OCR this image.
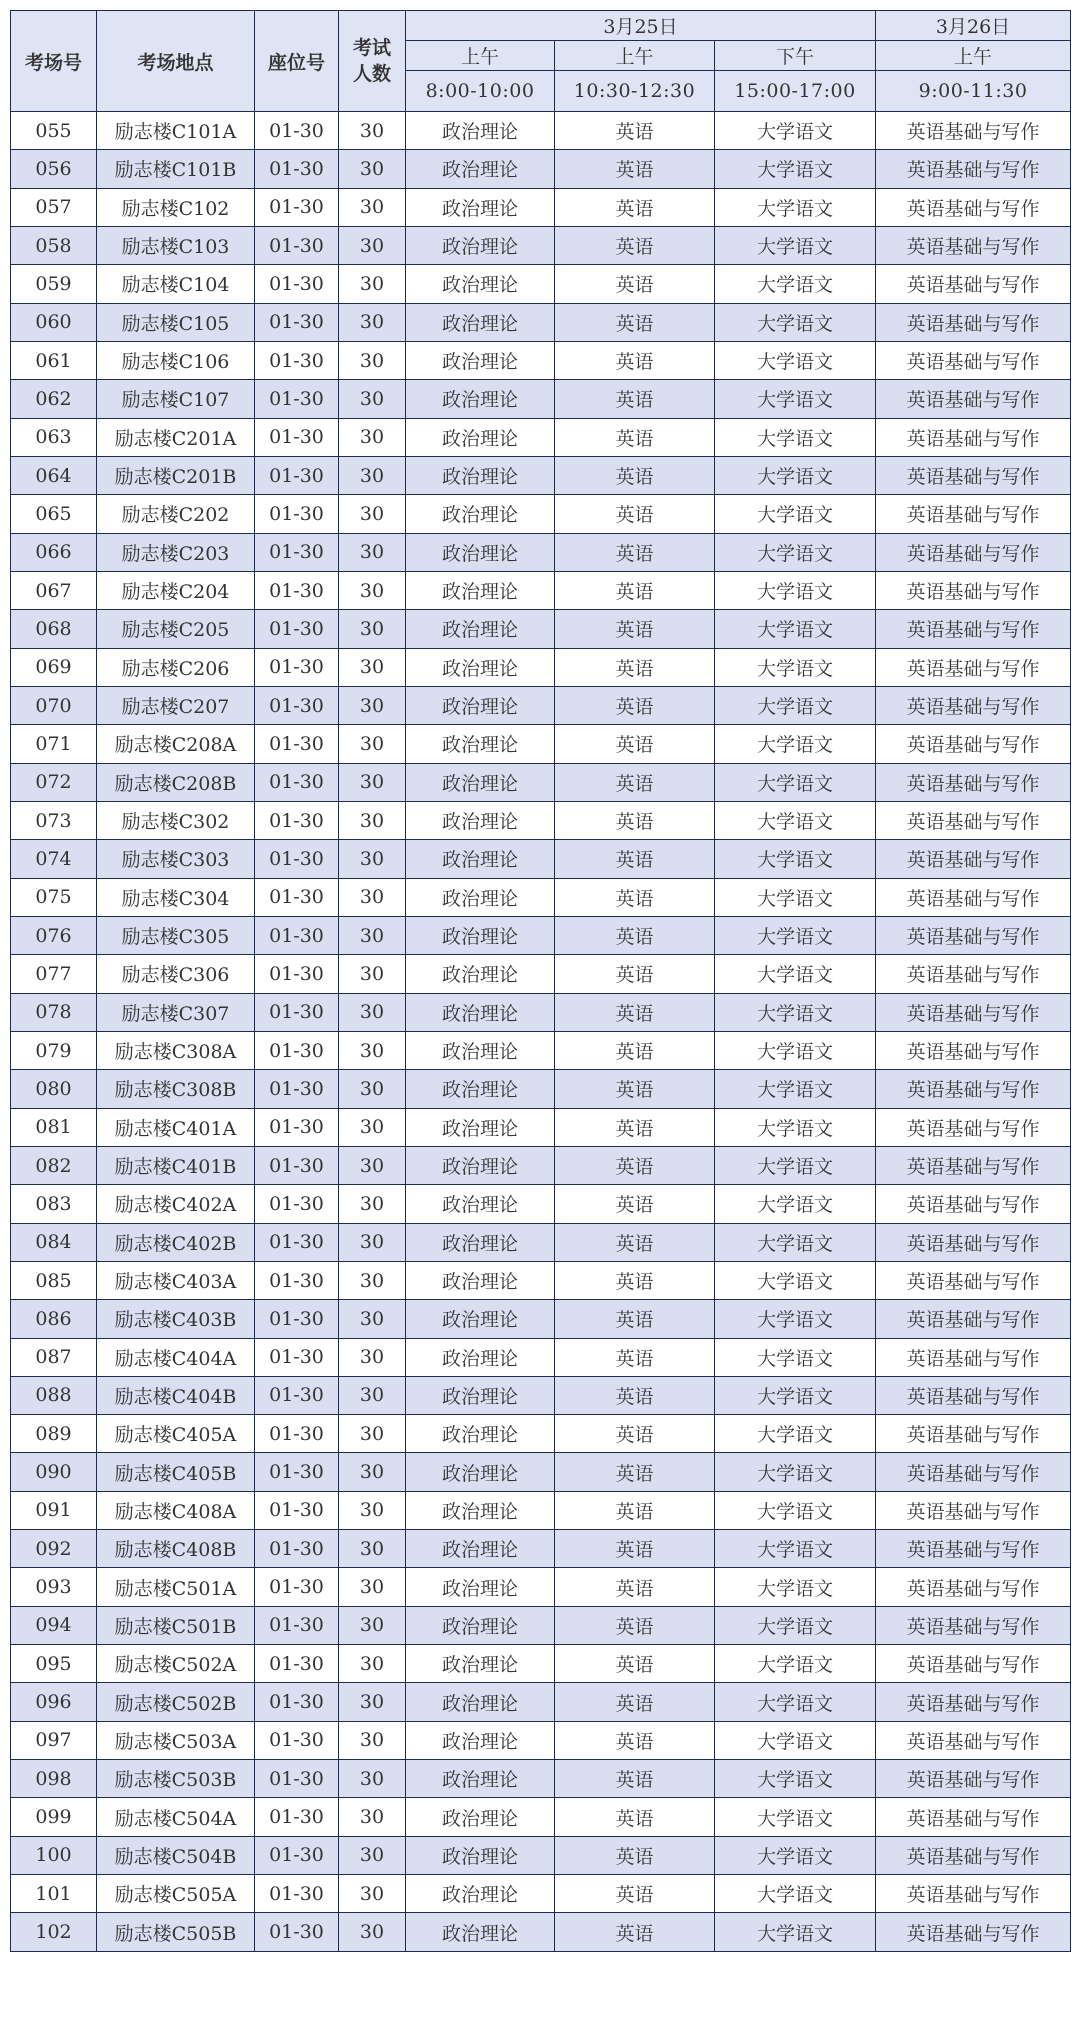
考场号	考场地点	座位号	考试人数	3月25日			3月26日
				上午	上午	下午	上午
				8:00-10:00	10:30-12:30	15:00-17:00	9:00-11:30
055	励志楼C101A	01-30	30	政治理论	英语	大学语文	英语基础与写作
056	励志楼C101B	01-30	30	政治理论	英语	大学语文	英语基础与写作
057	励志楼C102	01-30	30	政治理论	英语	大学语文	英语基础与写作
058	励志楼C103	01-30	30	政治理论	英语	大学语文	英语基础与写作
059	励志楼C104	01-30	30	政治理论	英语	大学语文	英语基础与写作
060	励志楼C105	01-30	30	政治理论	英语	大学语文	英语基础与写作
061	励志楼C106	01-30	30	政治理论	英语	大学语文	英语基础与写作
062	励志楼C107	01-30	30	政治理论	英语	大学语文	英语基础与写作
063	励志楼C201A	01-30	30	政治理论	英语	大学语文	英语基础与写作
064	励志楼C201B	01-30	30	政治理论	英语	大学语文	英语基础与写作
065	励志楼C202	01-30	30	政治理论	英语	大学语文	英语基础与写作
066	励志楼C203	01-30	30	政治理论	英语	大学语文	英语基础与写作
067	励志楼C204	01-30	30	政治理论	英语	大学语文	英语基础与写作
068	励志楼C205	01-30	30	政治理论	英语	大学语文	英语基础与写作
069	励志楼C206	01-30	30	政治理论	英语	大学语文	英语基础与写作
070	励志楼C207	01-30	30	政治理论	英语	大学语文	英语基础与写作
071	励志楼C208A	01-30	30	政治理论	英语	大学语文	英语基础与写作
072	励志楼C208B	01-30	30	政治理论	英语	大学语文	英语基础与写作
073	励志楼C302	01-30	30	政治理论	英语	大学语文	英语基础与写作
074	励志楼C303	01-30	30	政治理论	英语	大学语文	英语基础与写作
075	励志楼C304	01-30	30	政治理论	英语	大学语文	英语基础与写作
076	励志楼C305	01-30	30	政治理论	英语	大学语文	英语基础与写作
077	励志楼C306	01-30	30	政治理论	英语	大学语文	英语基础与写作
078	励志楼C307	01-30	30	政治理论	英语	大学语文	英语基础与写作
079	励志楼C308A	01-30	30	政治理论	英语	大学语文	英语基础与写作
080	励志楼C308B	01-30	30	政治理论	英语	大学语文	英语基础与写作
081	励志楼C401A	01-30	30	政治理论	英语	大学语文	英语基础与写作
082	励志楼C401B	01-30	30	政治理论	英语	大学语文	英语基础与写作
083	励志楼C402A	01-30	30	政治理论	英语	大学语文	英语基础与写作
084	励志楼C402B	01-30	30	政治理论	英语	大学语文	英语基础与写作
085	励志楼C403A	01-30	30	政治理论	英语	大学语文	英语基础与写作
086	励志楼C403B	01-30	30	政治理论	英语	大学语文	英语基础与写作
087	励志楼C404A	01-30	30	政治理论	英语	大学语文	英语基础与写作
088	励志楼C404B	01-30	30	政治理论	英语	大学语文	英语基础与写作
089	励志楼C405A	01-30	30	政治理论	英语	大学语文	英语基础与写作
090	励志楼C405B	01-30	30	政治理论	英语	大学语文	英语基础与写作
091	励志楼C408A	01-30	30	政治理论	英语	大学语文	英语基础与写作
092	励志楼C408B	01-30	30	政治理论	英语	大学语文	英语基础与写作
093	励志楼C501A	01-30	30	政治理论	英语	大学语文	英语基础与写作
094	励志楼C501B	01-30	30	政治理论	英语	大学语文	英语基础与写作
095	励志楼C502A	01-30	30	政治理论	英语	大学语文	英语基础与写作
096	励志楼C502B	01-30	30	政治理论	英语	大学语文	英语基础与写作
097	励志楼C503A	01-30	30	政治理论	英语	大学语文	英语基础与写作
098	励志楼C503B	01-30	30	政治理论	英语	大学语文	英语基础与写作
099	励志楼C504A	01-30	30	政治理论	英语	大学语文	英语基础与写作
100	励志楼C504B	01-30	30	政治理论	英语	大学语文	英语基础与写作
101	励志楼C505A	01-30	30	政治理论	英语	大学语文	英语基础与写作
102	励志楼C505B	01-30	30	政治理论	英语	大学语文	英语基础与写作
